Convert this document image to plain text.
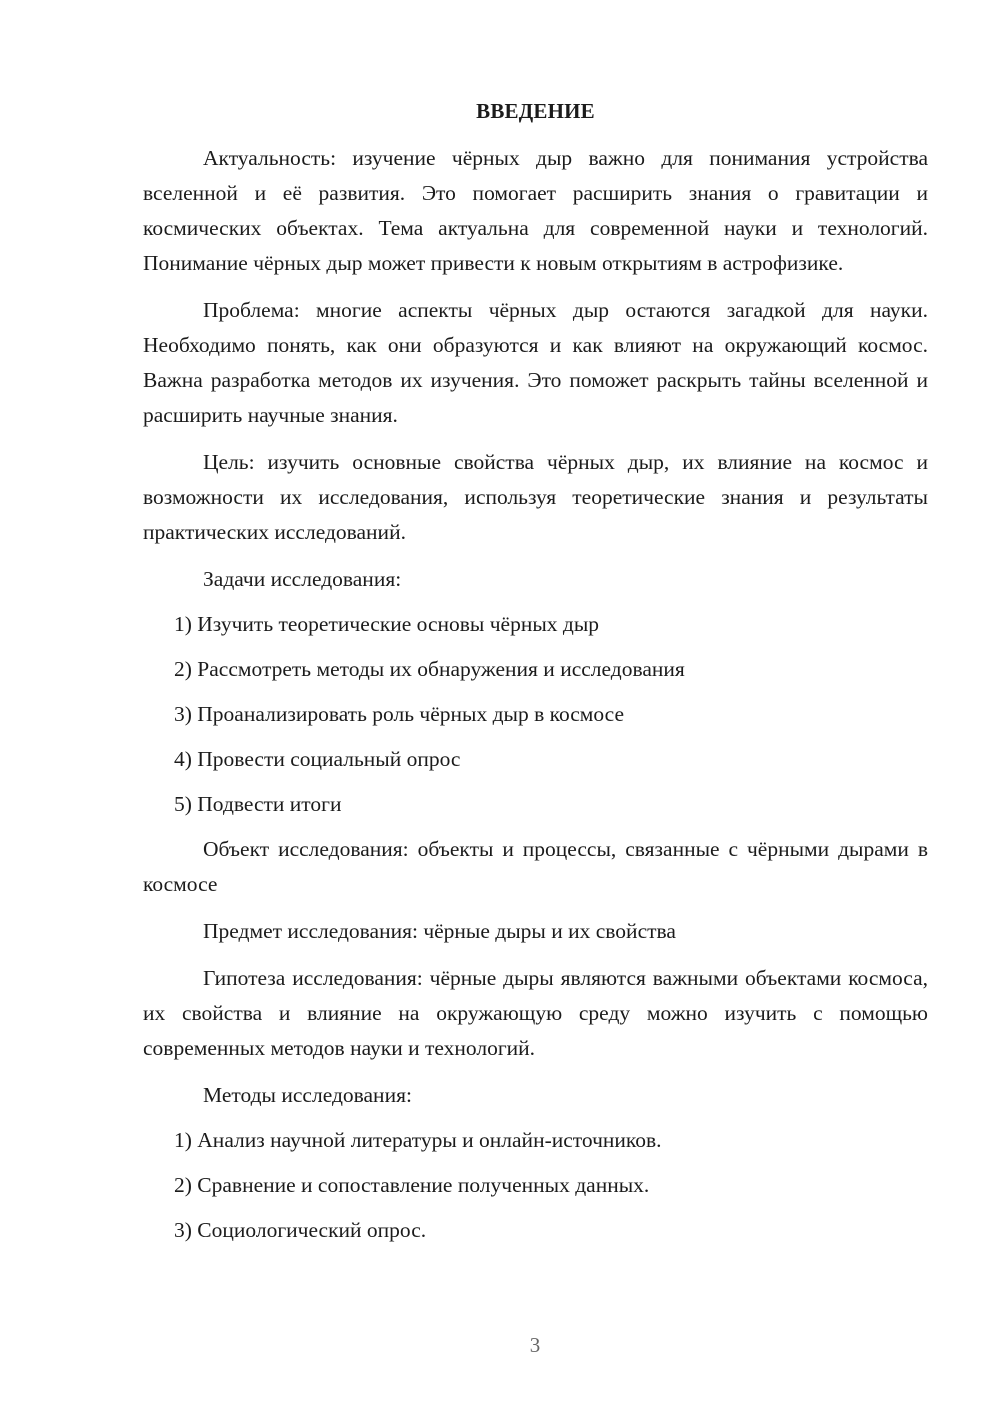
ВВЕДЕНИЕ

Актуальность: изучение чёрных дыр важно для понимания устройства вселенной и её развития. Это помогает расширить знания о гравитации и космических объектах. Тема актуальна для современной науки и технологий. Понимание чёрных дыр может привести к новым открытиям в астрофизике.

Проблема: многие аспекты чёрных дыр остаются загадкой для науки. Необходимо понять, как они образуются и как влияют на окружающий космос. Важна разработка методов их изучения. Это поможет раскрыть тайны вселенной и расширить научные знания.

Цель: изучить основные свойства чёрных дыр, их влияние на космос и возможности их исследования, используя теоретические знания и результаты практических исследований.

Задачи исследования:

1) Изучить теоретические основы чёрных дыр
2) Рассмотреть методы их обнаружения и исследования
3) Проанализировать роль чёрных дыр в космосе
4) Провести социальный опрос
5) Подвести итоги

Объект исследования: объекты и процессы, связанные с чёрными дырами в космосе

Предмет исследования: чёрные дыры и их свойства

Гипотеза исследования: чёрные дыры являются важными объектами космоса, их свойства и влияние на окружающую среду можно изучить с помощью современных методов науки и технологий.

Методы исследования:

1) Анализ научной литературы и онлайн-источников.
2) Сравнение и сопоставление полученных данных.
3) Социологический опрос.
3
